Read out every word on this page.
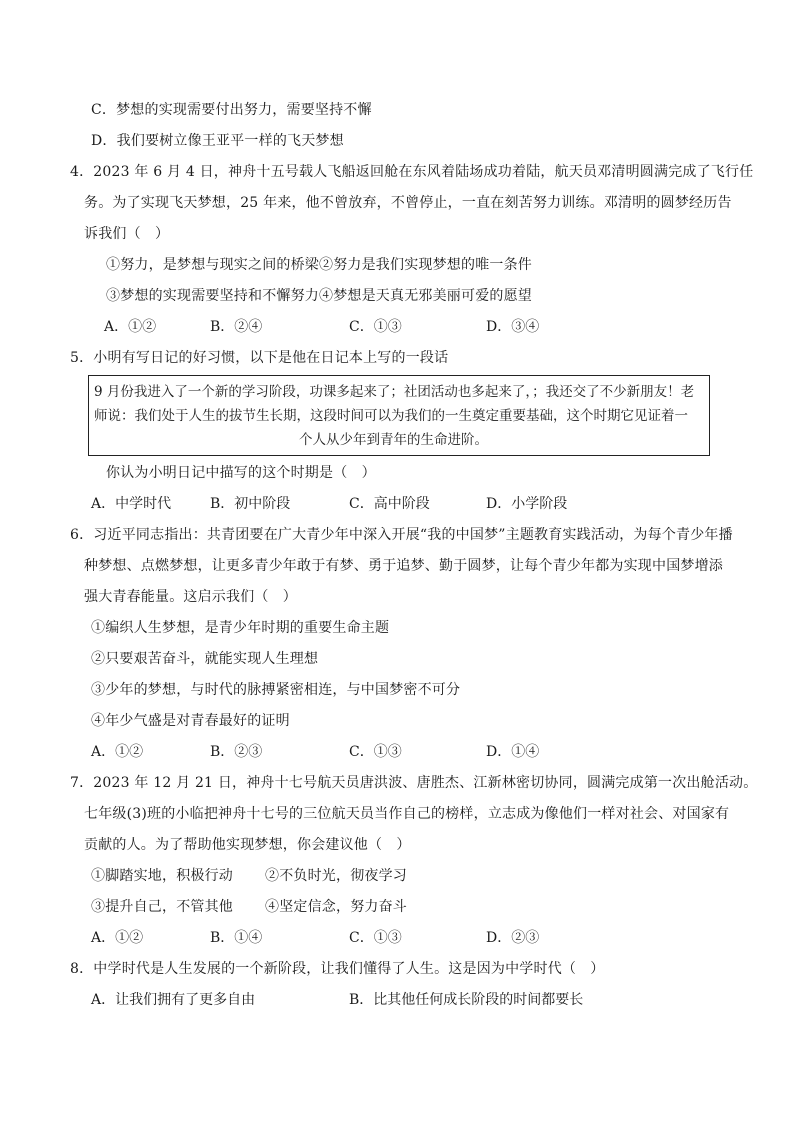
C．梦想的实现需要付出努力，需要坚持不懈
D．我们要树立像王亚平一样的飞天梦想
4．2023 年 6 月 4 日，神舟十五号载人飞船返回舱在东风着陆场成功着陆，航天员邓清明圆满完成了飞行任
务。为了实现飞天梦想，25 年来，他不曾放弃，不曾停止，一直在刻苦努力训练。邓清明的圆梦经历告
诉我们（　）
①努力，是梦想与现实之间的桥梁②努力是我们实现梦想的唯一条件
③梦想的实现需要坚持和不懈努力④梦想是天真无邪美丽可爱的愿望
A．①②	B．②④	C．①③	D．③④
5．小明有写日记的好习惯，以下是他在日记本上写的一段话
9 月份我进入了一个新的学习阶段，功课多起来了；社团活动也多起来了，；我还交了不少新朋友！老
师说：我们处于人生的拔节生长期，这段时间可以为我们的一生奠定重要基础，这个时期它见证着一
个人从少年到青年的生命进阶。
你认为小明日记中描写的这个时期是（　）
A．中学时代	B．初中阶段	C．高中阶段	D．小学阶段
6．习近平同志指出：共青团要在广大青少年中深入开展“我的中国梦”主题教育实践活动，为每个青少年播
种梦想、点燃梦想，让更多青少年敢于有梦、勇于追梦、勤于圆梦，让每个青少年都为实现中国梦增添
强大青春能量。这启示我们（　）
①编织人生梦想，是青少年时期的重要生命主题
②只要艰苦奋斗，就能实现人生理想
③少年的梦想，与时代的脉搏紧密相连，与中国梦密不可分
④年少气盛是对青春最好的证明
A．①②	B．②③	C．①③	D．①④
7．2023 年 12 月 21 日，神舟十七号航天员唐洪波、唐胜杰、江新林密切协同，圆满完成第一次出舱活动。
七年级(3)班的小临把神舟十七号的三位航天员当作自己的榜样，立志成为像他们一样对社会、对国家有
贡献的人。为了帮助他实现梦想，你会建议他（　）
①脚踏实地，积极行动 ②不负时光，彻夜学习
③提升自己，不管其他 ④坚定信念，努力奋斗
A．①②	B．①④	C．①③	D．②③
8．中学时代是人生发展的一个新阶段，让我们懂得了人生。这是因为中学时代（　）
A．让我们拥有了更多自由	B．比其他任何成长阶段的时间都要长
